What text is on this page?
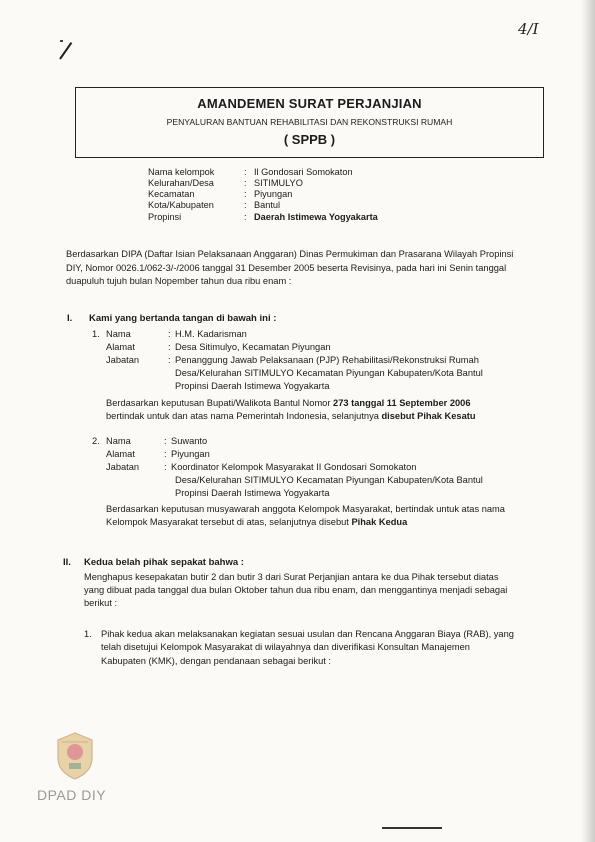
4/I
AMANDEMEN SURAT PERJANJIAN
PENYALURAN BANTUAN REHABILITASI DAN REKONSTRUKSI RUMAH
( SPPB )
Nama kelompok	: Il Gondosari Somokaton
Kelurahan/Desa	: SITIMULYO
Kecamatan	: Piyungan
Kota/Kabupaten	: Bantul
Propinsi	: Daerah Istimewa Yogyakarta
Berdasarkan DIPA (Daftar Isian Pelaksanaan Anggaran) Dinas Permukiman dan Prasarana Wilayah Propinsi
DIY, Nomor 0026.1/062-3/-/2006 tanggal 31 Desember 2005 beserta Revisinya, pada hari ini Senin tanggal
duapuluh tujuh bulan Nopember tahun dua ribu enam :
I. Kami yang bertanda tangan di bawah ini :
1. Nama	: H.M. Kadarisman
Alamat	: Desa Sitimulyo, Kecamatan Piyungan
Jabatan	: Penanggung Jawab Pelaksanaan (PJP) Rehabilitasi/Rekonstruksi Rumah
Desa/Kelurahan SITIMULYO Kecamatan Piyungan Kabupaten/Kota Bantul
Propinsi Daerah Istimewa Yogyakarta
Berdasarkan keputusan Bupati/Walikota Bantul Nomor 273 tanggal 11 September 2006
bertindak untuk dan atas nama Pemerintah Indonesia, selanjutnya disebut Pihak Kesatu
2. Nama	: Suwanto
Alamat	: Piyungan
Jabatan	: Koordinator Kelompok Masyarakat II Gondosari Somokaton
Desa/Kelurahan SITIMULYO Kecamatan Piyungan Kabupaten/Kota Bantul
Propinsi Daerah Istimewa Yogyakarta
Berdasarkan keputusan musyawarah anggota Kelompok Masyarakat, bertindak untuk atas nama
Kelompok Masyarakat tersebut di atas, selanjutnya disebut Pihak Kedua
II. Kedua belah pihak sepakat bahwa :
Menghapus kesepakatan butir 2 dan butir 3 dari Surat Perjanjian antara ke dua Pihak tersebut diatas
yang dibuat pada tanggal dua bulan Oktober tahun dua ribu enam, dan menggantinya menjadi sebagai
berikut :
1. Pihak kedua akan melaksanakan kegiatan sesuai usulan dan Rencana Anggaran Biaya (RAB), yang
telah disetujui Kelompok Masyarakat di wilayahnya dan diverifikasi Konsultan Manajemen
Kabupaten (KMK), dengan pendanaan sebagai berikut :
DPAD DIY
